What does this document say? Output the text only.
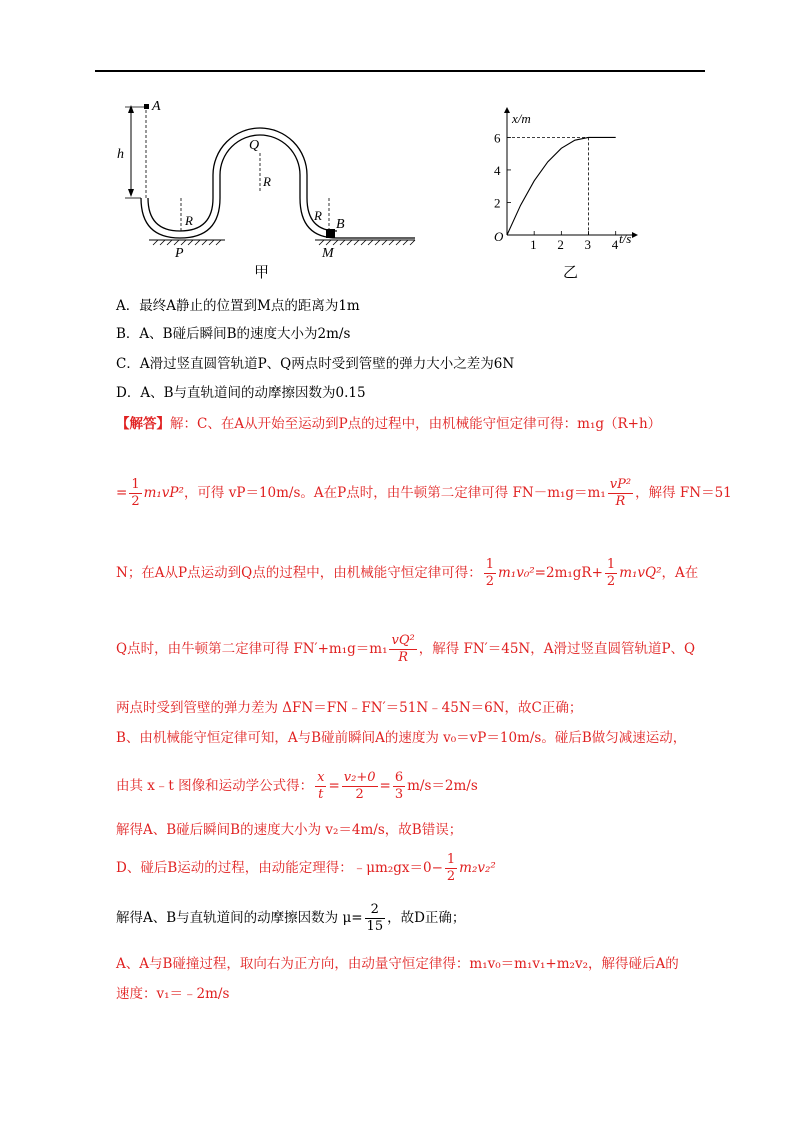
A
h
Q
R
R	R
B
P	M
甲
1 2 3 4
2
4
6
x/m
t/s
O
乙
A．最终A静止的位置到M点的距离为1m
B．A、B碰后瞬间B的速度大小为2m/s
C．A滑过竖直圆管轨道P、Q两点时受到管壁的弹力大小之差为6N
D．A、B与直轨道间的动摩擦因数为0.15
【解答】解：C、在A从开始至运动到P点的过程中，由机械能守恒定律可得：m₁g（R+h）
= $\frac{1}{2} m_1vP^2$，可得 vP＝10m/s。A在P点时，由牛顿第二定律可得 $FN-m_1g=m_1 \frac{\text{vP²}}{R}$ ，解得 FN＝51
N；在A从P点运动到Q点的过程中，由机械能守恒定律可得： $\frac{1}{2} m_1v_0^2=2m_1gR+ \frac{1}{2} m_1vQ^2$，A在
Q点时，由牛顿第二定律可得 $FN'+m_1g=m_1 \frac{\text{vQ²}}{R}$ ，解得 FN′＝45N，A滑过竖直圆管轨道P、Q
两点时受到管壁的弹力差为 ΔFN＝FN﹣FN′＝51N﹣45N＝6N，故C正确；
B、由机械能守恒定律可知，A与B碰前瞬间A的速度为 v₀＝vP＝10m/s。碰后B做匀减速运动，
由其 x﹣t 图像和运动学公式得： $\frac{x}{t} = \frac{\text{v₂+0}}{2} = \frac{6}{3} m/s=2m/s$
解得A、B碰后瞬间B的速度大小为 v₂＝4m/s，故B错误；
D、碰后B运动的过程，由动能定理得：﹣μm₂gx＝0− $\frac{1}{2} m_2v_2^2$
解得A、B与直轨道间的动摩擦因数为 $\mu= \frac{2}{15}$ ，故D正确；
A、A与B碰撞过程，取向右为正方向，由动量守恒定律得：m₁v₀＝m₁v₁+m₂v₂，解得碰后A的
速度：v₁＝﹣2m/s
